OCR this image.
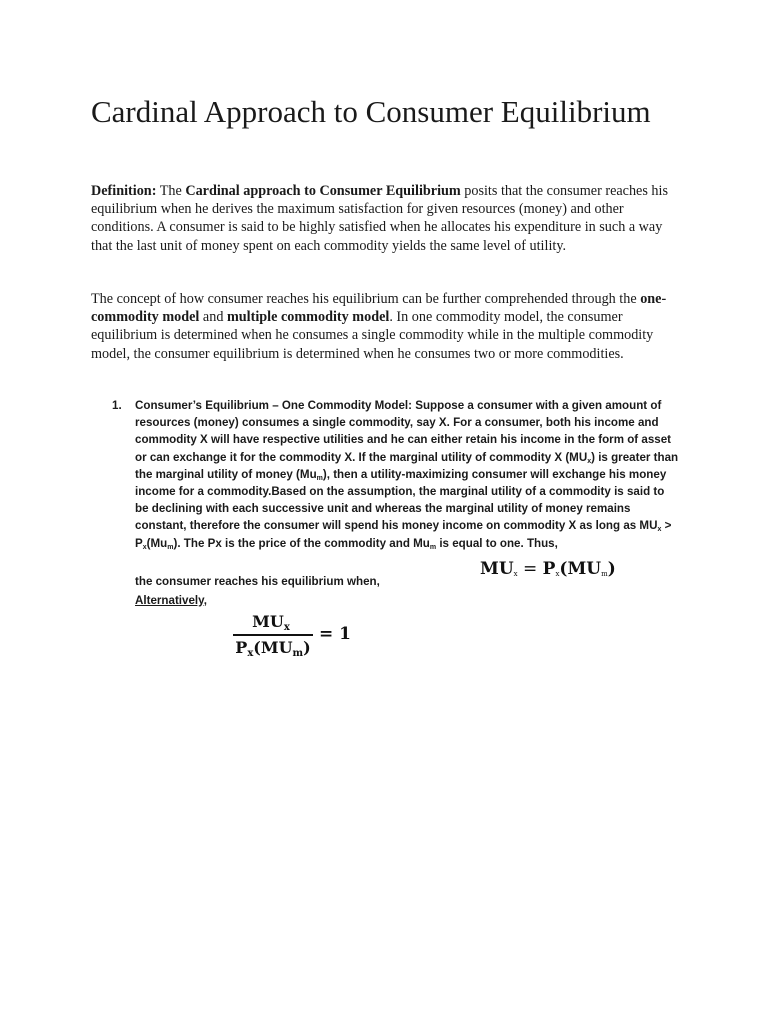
Cardinal Approach to Consumer Equilibrium

Definition: The Cardinal approach to Consumer Equilibrium posits that the consumer reaches his equilibrium when he derives the maximum satisfaction for given resources (money) and other conditions. A consumer is said to be highly satisfied when he allocates his expenditure in such a way that the last unit of money spent on each commodity yields the same level of utility.

The concept of how consumer reaches his equilibrium can be further comprehended through the one-commodity model and multiple commodity model. In one commodity model, the consumer equilibrium is determined when he consumes a single commodity while in the multiple commodity model, the consumer equilibrium is determined when he consumes two or more commodities.

1. Consumer’s Equilibrium – One Commodity Model: Suppose a consumer with a given amount of resources (money) consumes a single commodity, say X. For a consumer, both his income and commodity X will have respective utilities and he can either retain his income in the form of asset or can exchange it for the commodity X. If the marginal utility of commodity X $(MU_x)$ is greater than the marginal utility of money $(Mu_m)$, then a utility-maximizing consumer will exchange his money income for a commodity.Based on the assumption, the marginal utility of a commodity is said to be declining with each successive unit and whereas the marginal utility of money remains constant, therefore the consumer will spend his money income on commodity X as long as $MU_x > P_x(Mu_m)$. The Px is the price of the commodity and $Mu_m$ is equal to one. Thus,
the consumer reaches his equilibrium when,
$MU_x = P_x(MU_m)$
Alternatively,
$MU_x$
$P_x(MU_m)$
= 1
